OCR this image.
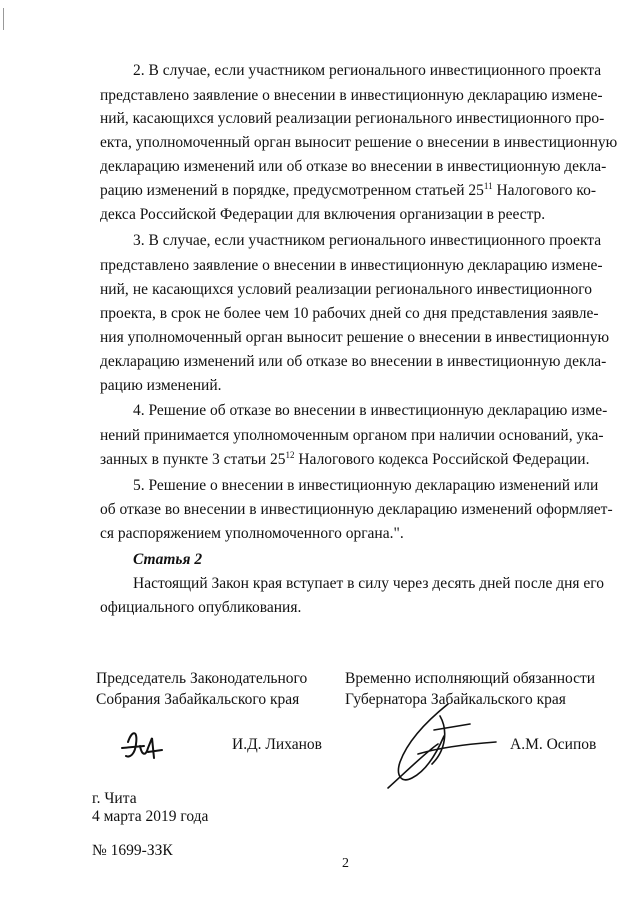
2. В случае, если участником регионального инвестиционного проекта
представлено заявление о внесении в инвестиционную декларацию измене-
ний, касающихся условий реализации регионального инвестиционного про-
екта, уполномоченный орган выносит решение о внесении в инвестиционную
декларацию изменений или об отказе во внесении в инвестиционную декла-
рацию изменений в порядке, предусмотренном статьей $25^{11}$ Налогового ко-
декса Российской Федерации для включения организации в реестр.
3. В случае, если участником регионального инвестиционного проекта
представлено заявление о внесении в инвестиционную декларацию измене-
ний, не касающихся условий реализации регионального инвестиционного
проекта, в срок не более чем 10 рабочих дней со дня представления заявле-
ния уполномоченный орган выносит решение о внесении в инвестиционную
декларацию изменений или об отказе во внесении в инвестиционную декла-
рацию изменений.
4. Решение об отказе во внесении в инвестиционную декларацию изме-
нений принимается уполномоченным органом при наличии оснований, ука-
занных в пункте 3 статьи $25^{12}$ Налогового кодекса Российской Федерации.
5. Решение о внесении в инвестиционную декларацию изменений или
об отказе во внесении в инвестиционную декларацию изменений оформляет-
ся распоряжением уполномоченного органа.".
Статья 2
Настоящий Закон края вступает в силу через десять дней после дня его
официального опубликования.
Председатель Законодательного
Собрания Забайкальского края
Временно исполняющий обязанности
Губернатора Забайкальского края
И.Д. Лиханов	А.М. Осипов
г. Чита
4 марта 2019 года
№ 1699-ЗЗК
2
